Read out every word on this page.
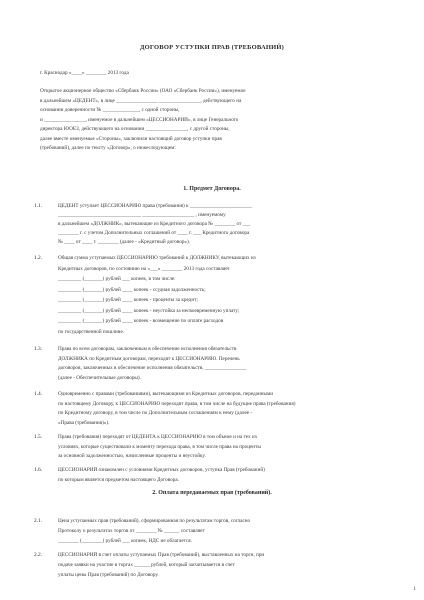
ДОГОВОР УСТУПКИ ПРАВ (ТРЕБОВАНИЙ)
г. Краснодар «____» ________ 2013 года
Открытое акционерное общество «Сбербанк России» (ОАО «Сбербанк России»), именуемое
в дальнейшем «ЦЕДЕНТ», в лице ________________ ________________, действующего на
основании доверенности № ______________, с одной стороны,
и ________________, именуемое в дальнейшем «ЦЕССИОНАРИЙ», в лице Генерального
директора ЮОЕЗ, действующего на основании ________________, с другой стороны,
далее вместе именуемые «Стороны», заключили настоящий договор уступки прав
(требований), далее по тексту «Договор», о нижеследующем:
1. Предмет Договора.
1.1.	ЦЕДЕНТ уступает ЦЕССИОНАРИЮ права (требования) к ________________________
________________________________ ____________________ , именуемому
в дальнейшем «ДОЛЖНИК», вытекающие из Кредитного договора № ________ от ___
________ г. с учетом Дополнительных соглашений от ____ г. ___ Кредитного договора
№ ____ от ____ г. ________ (далее - «Кредитный договор»).
1.2.	Общая сумма уступаемых ЦЕССИОНАРИЮ требований к ДОЛЖНИКУ, вытекающих из
Кредитных договоров, по состоянию на «___» ________ 2013 года составляет
_________ (_______) рублей ___ копеек, в том числе:
_________ (_______) рублей ____ копеек - ссудная задолженность;
_________ (_______) рублей ____ копеек - проценты за кредит;
_________ (_______) рублей ____ копеек - неустойка за несвоевременную уплату;
_________ (_______) рублей ____ копеек - возмещение по оплате расходов
по государственной пошлине.
1.3.	Права по всем договорам, заключенным в обеспечение исполнения обязательств
ДОЛЖНИКА по Кредитным договорам, переходят к ЦЕССИОНАРИЮ. Перечень
договоров, заключенных в обеспечение исполнения обязательств, ________________
(далее - Обеспечительные договоры).
1.4.	Одновременно с правами (требованиями), вытекающими из Кредитных договоров, переданными
по настоящему Договору, к ЦЕССИОНАРИЮ переходят права, в том числе на будущие права (требования)
по Кредитному договору, в том числе по Дополнительным соглашениям к нему (далее -
«Права (требования)»).
1.5.	Права (требования) переходят от ЦЕДЕНТА к ЦЕССИОНАРИЮ в том объеме и на тех их
условиях, которые существовали к моменту перехода права, в том числе права на проценты
за основной задолженностью, начисленные проценты и неустойку.
1.6.	ЦЕССИОНАРИЙ ознакомлен с условиями Кредитных договоров, уступка Прав (требований)
по которым является предметом настоящего Договора.
2. Оплата передаваемых прав (требований).
2.1.	Цена уступаемых прав (требований), сформированная по результатам торгов, согласно
Протоколу о результатах торгов от ________ № ______ составляет
________ (________) рублей ___ копеек, НДС не облагается.
2.2.	ЦЕССИОНАРИЙ в счет оплаты уступаемых Прав (требований), выставленных на торги, при
подаче заявки на участие в торгах ______ рублей, который засчитывается в счет
уплаты цены Прав (требований) по Договору.
1
